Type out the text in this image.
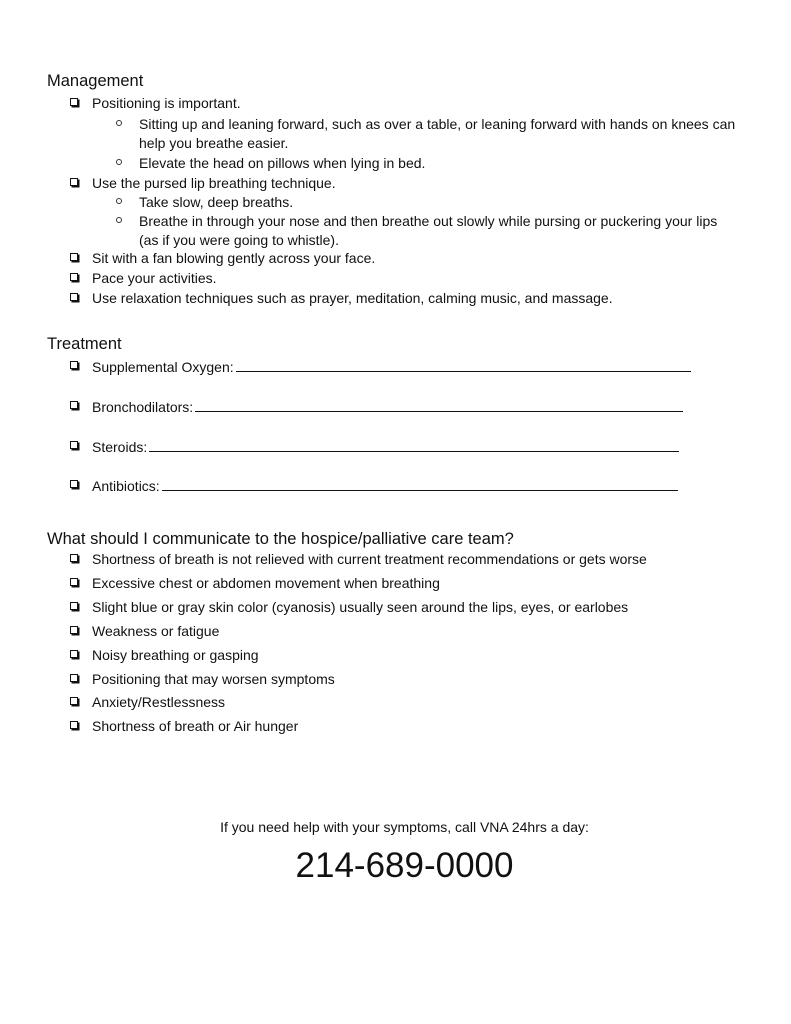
Management
Positioning is important.
Sitting up and leaning forward, such as over a table, or leaning forward with hands on knees can help you breathe easier.
Elevate the head on pillows when lying in bed.
Use the pursed lip breathing technique.
Take slow, deep breaths.
Breathe in through your nose and then breathe out slowly while pursing or puckering your lips (as if you were going to whistle).
Sit with a fan blowing gently across your face.
Pace your activities.
Use relaxation techniques such as prayer, meditation, calming music, and massage.
Treatment
Supplemental Oxygen:
Bronchodilators:
Steroids:
Antibiotics:
What should I communicate to the hospice/palliative care team?
Shortness of breath is not relieved with current treatment recommendations or gets worse
Excessive chest or abdomen movement when breathing
Slight blue or gray skin color (cyanosis) usually seen around the lips, eyes, or earlobes
Weakness or fatigue
Noisy breathing or gasping
Positioning that may worsen symptoms
Anxiety/Restlessness
Shortness of breath or Air hunger
If you need help with your symptoms, call VNA 24hrs a day:
214-689-0000
